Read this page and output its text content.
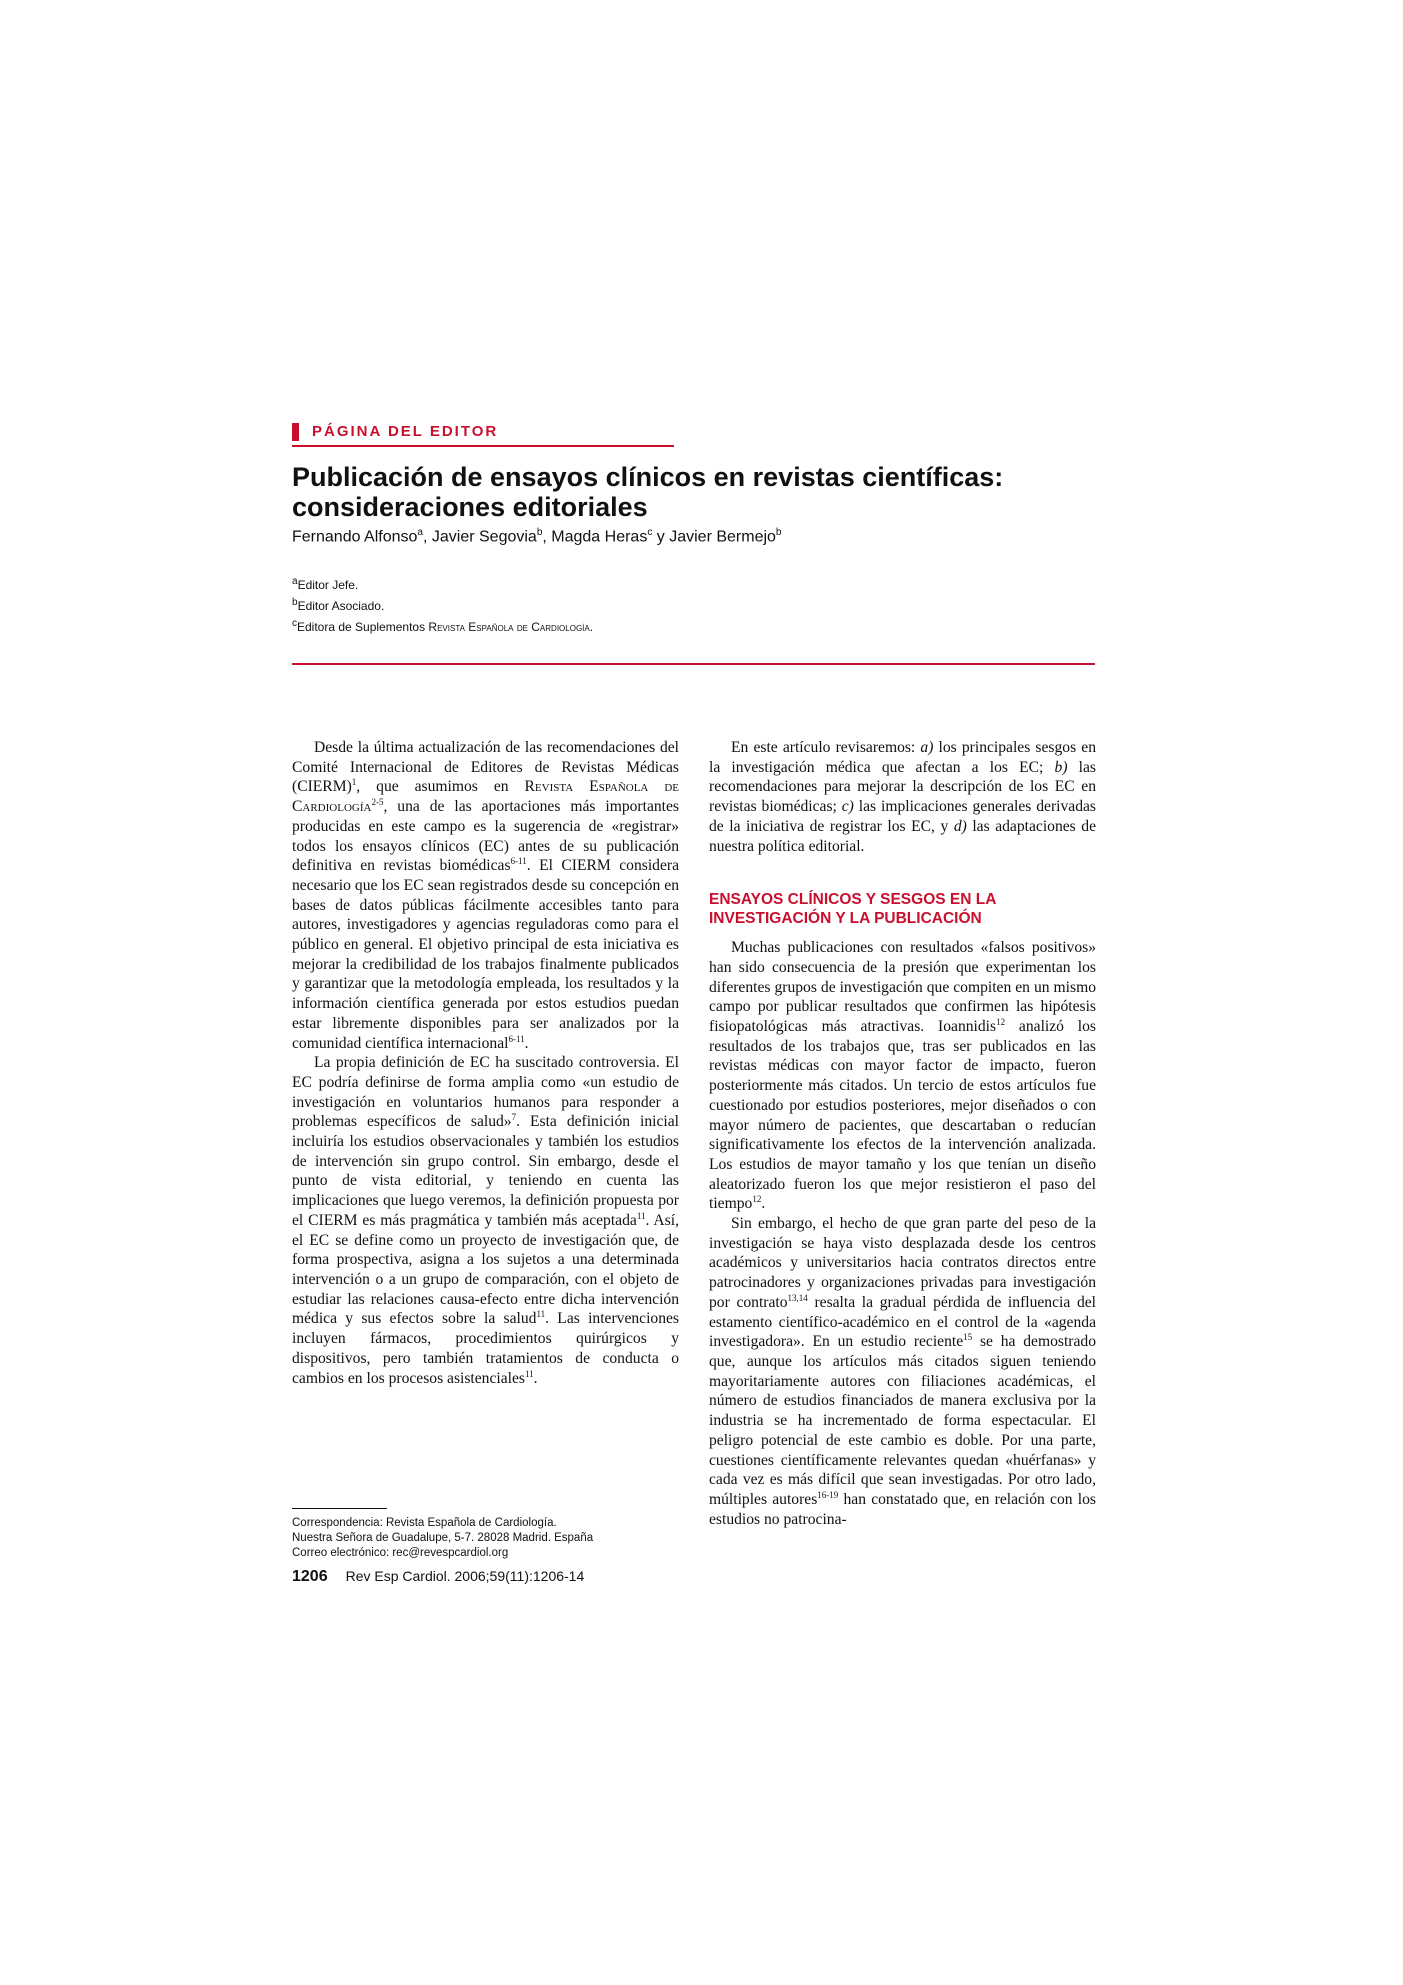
PÁGINA DEL EDITOR
Publicación de ensayos clínicos en revistas científicas: consideraciones editoriales
Fernando Alfonso$^a$, Javier Segovia$^b$, Magda Heras$^c$ y Javier Bermejo$^b$
$^a$Editor Jefe.
$^b$Editor Asociado.
$^c$Editora de Suplementos Revista Española de Cardiología.

Desde la última actualización de las recomendaciones del Comité Internacional de Editores de Revistas Médicas (CIERM)$^1$, que asumimos en Revista Española de Cardiología$^{2-5}$, una de las aportaciones más importantes producidas en este campo es la sugerencia de «registrar» todos los ensayos clínicos (EC) antes de su publicación definitiva en revistas biomédicas$^{6-11}$. El CIERM considera necesario que los EC sean registrados desde su concepción en bases de datos públicas fácilmente accesibles tanto para autores, investigadores y agencias reguladoras como para el público en general. El objetivo principal de esta iniciativa es mejorar la credibilidad de los trabajos finalmente publicados y garantizar que la metodología empleada, los resultados y la información científica generada por estos estudios puedan estar libremente disponibles para ser analizados por la comunidad científica internacional$^{6-11}$.

La propia definición de EC ha suscitado controversia. El EC podría definirse de forma amplia como «un estudio de investigación en voluntarios humanos para responder a problemas específicos de salud»$^7$. Esta definición inicial incluiría los estudios observacionales y también los estudios de intervención sin grupo control. Sin embargo, desde el punto de vista editorial, y teniendo en cuenta las implicaciones que luego veremos, la definición propuesta por el CIERM es más pragmática y también más aceptada$^{11}$. Así, el EC se define como un proyecto de investigación que, de forma prospectiva, asigna a los sujetos a una determinada intervención o a un grupo de comparación, con el objeto de estudiar las relaciones causa-efecto entre dicha intervención médica y sus efectos sobre la salud$^{11}$. Las intervenciones incluyen fármacos, procedimientos quirúrgicos y dispositivos, pero también tratamientos de conducta o cambios en los procesos asistenciales$^{11}$.

En este artículo revisaremos: a) los principales sesgos en la investigación médica que afectan a los EC; b) las recomendaciones para mejorar la descripción de los EC en revistas biomédicas; c) las implicaciones generales derivadas de la iniciativa de registrar los EC, y d) las adaptaciones de nuestra política editorial.

ENSAYOS CLÍNICOS Y SESGOS EN LA INVESTIGACIÓN Y LA PUBLICACIÓN

Muchas publicaciones con resultados «falsos positivos» han sido consecuencia de la presión que experimentan los diferentes grupos de investigación que compiten en un mismo campo por publicar resultados que confirmen las hipótesis fisiopatológicas más atractivas. Ioannidis$^{12}$ analizó los resultados de los trabajos que, tras ser publicados en las revistas médicas con mayor factor de impacto, fueron posteriormente más citados. Un tercio de estos artículos fue cuestionado por estudios posteriores, mejor diseñados o con mayor número de pacientes, que descartaban o reducían significativamente los efectos de la intervención analizada. Los estudios de mayor tamaño y los que tenían un diseño aleatorizado fueron los que mejor resistieron el paso del tiempo$^{12}$.

Sin embargo, el hecho de que gran parte del peso de la investigación se haya visto desplazada desde los centros académicos y universitarios hacia contratos directos entre patrocinadores y organizaciones privadas para investigación por contrato$^{13,14}$ resalta la gradual pérdida de influencia del estamento científico-académico en el control de la «agenda investigadora». En un estudio reciente$^{15}$ se ha demostrado que, aunque los artículos más citados siguen teniendo mayoritariamente autores con filiaciones académicas, el número de estudios financiados de manera exclusiva por la industria se ha incrementado de forma espectacular. El peligro potencial de este cambio es doble. Por una parte, cuestiones científicamente relevantes quedan «huérfanas» y cada vez es más difícil que sean investigadas. Por otro lado, múltiples autores$^{16-19}$ han constatado que, en relación con los estudios no patrocina-

Correspondencia: Revista Española de Cardiología.
Nuestra Señora de Guadalupe, 5-7. 28028 Madrid. España
Correo electrónico: rec@revespcardiol.org
1206 Rev Esp Cardiol. 2006;59(11):1206-14
